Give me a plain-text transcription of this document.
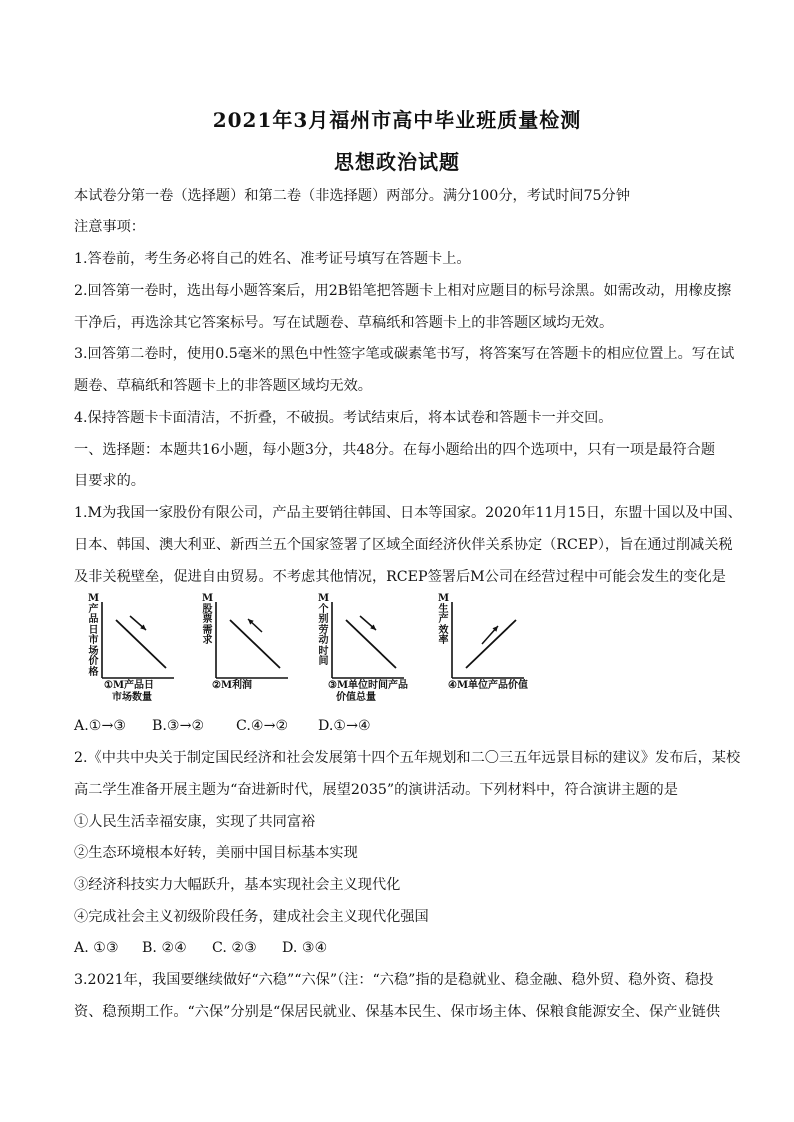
2021年3月福州市高中毕业班质量检测
思想政治试题
本试卷分第一卷（选择题）和第二卷（非选择题）两部分。满分100分，考试时间75分钟
注意事项：
1.答卷前，考生务必将自己的姓名、准考证号填写在答题卡上。
2.回答第一卷时，选出每小题答案后，用2B铅笔把答题卡上相对应题目的标号涂黑。如需改动，用橡皮擦
干净后，再选涂其它答案标号。写在试题卷、草稿纸和答题卡上的非答题区域均无效。
3.回答第二卷时，使用0.5毫米的黑色中性签字笔或碳素笔书写，将答案写在答题卡的相应位置上。写在试
题卷、草稿纸和答题卡上的非答题区域均无效。
4.保持答题卡卡面清洁，不折叠，不破损。考试结束后，将本试卷和答题卡一并交回。
一、选择题：本题共16小题，每小题3分，共48分。在每小题给出的四个选项中，只有一项是最符合题
目要求的。
1.M为我国一家股份有限公司，产品主要销往韩国、日本等国家。2020年11月15日，东盟十国以及中国、
日本、韩国、澳大利亚、新西兰五个国家签署了区域全面经济伙伴关系协定（RCEP），旨在通过削减关税
及非关税壁垒，促进自由贸易。不考虑其他情况，RCEP签署后M公司在经营过程中可能会发生的变化是
M产品日市场价格
①M产品日
市场数量
M股票需求
②M利润
M个别劳动时间
③M单位时间产品
价值总量
M生产效率
④M单位产品价值
A.①→③ B.③→② C.④→② D.①→④
2.《中共中央关于制定国民经济和社会发展第十四个五年规划和二〇三五年远景目标的建议》发布后，某校
高二学生准备开展主题为“奋进新时代，展望2035”的演讲活动。下列材料中，符合演讲主题的是
①人民生活幸福安康，实现了共同富裕
②生态环境根本好转，美丽中国目标基本实现
③经济科技实力大幅跃升，基本实现社会主义现代化
④完成社会主义初级阶段任务，建成社会主义现代化强国
A. ①③ B. ②④ C. ②③ D. ③④
3.2021年，我国要继续做好“六稳”“六保”（注：“六稳”指的是稳就业、稳金融、稳外贸、稳外资、稳投
资、稳预期工作。“六保”分别是“保居民就业、保基本民生、保市场主体、保粮食能源安全、保产业链供
